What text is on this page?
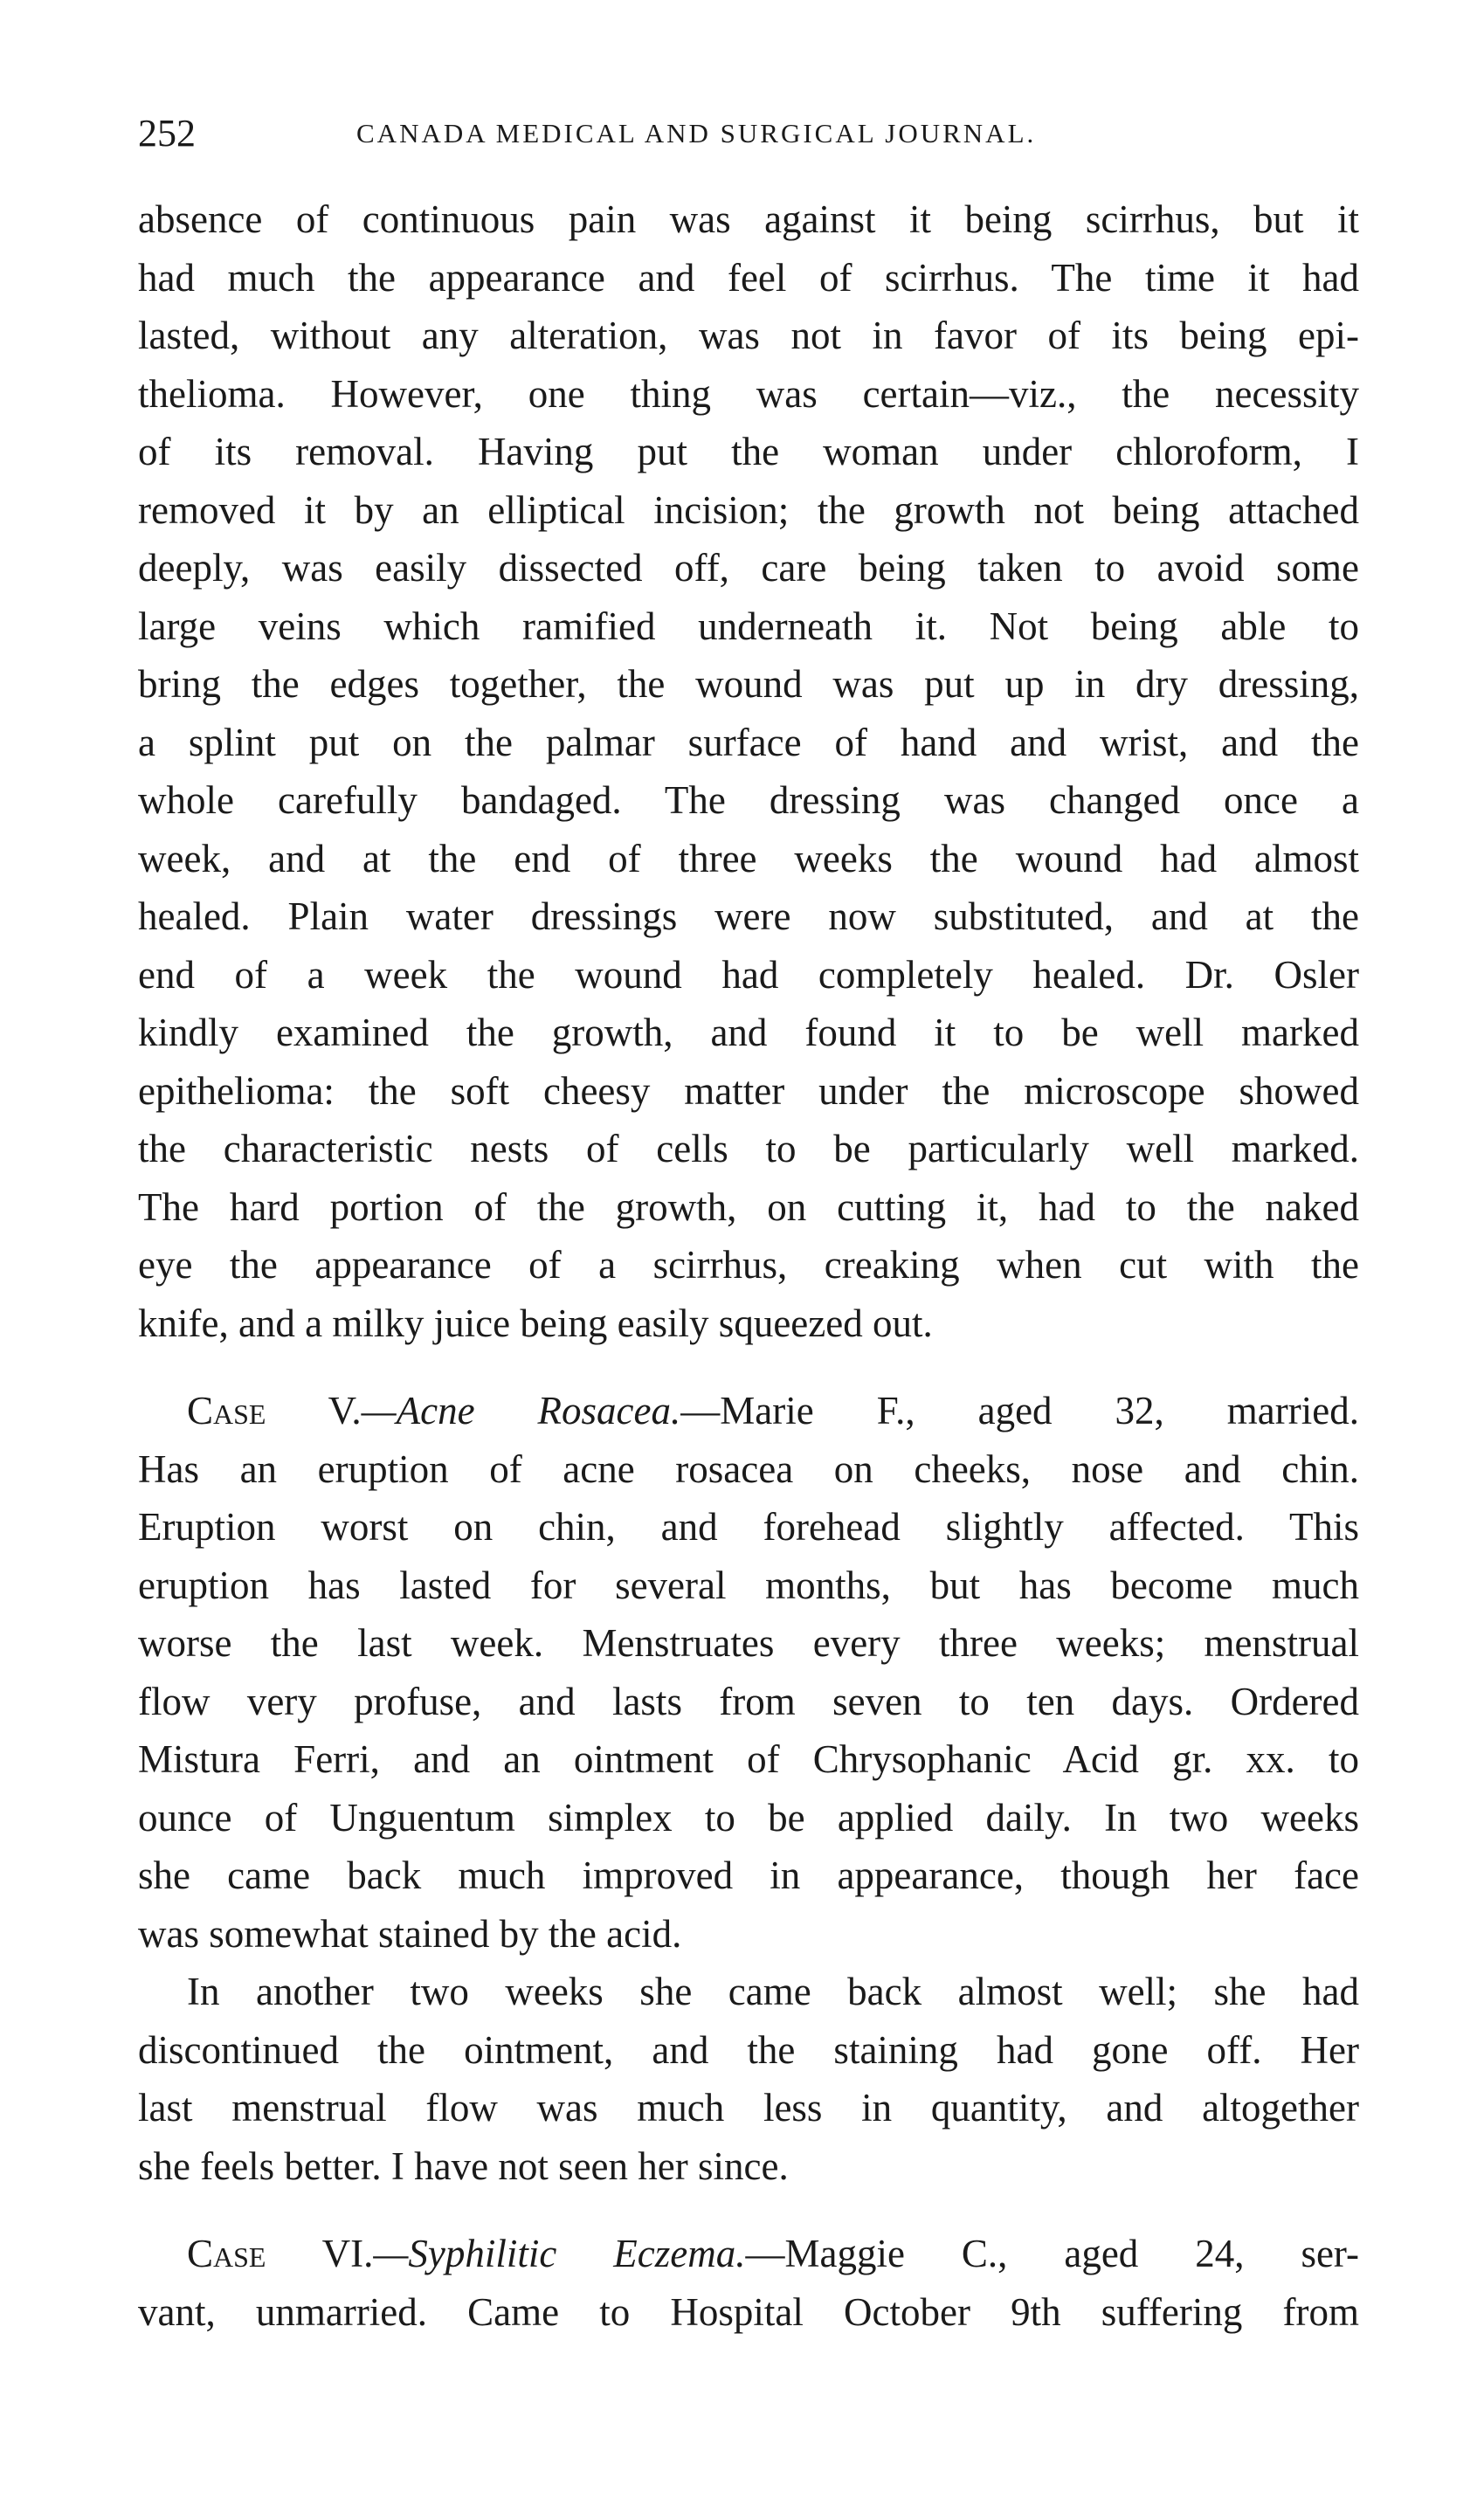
252	CANADA MEDICAL AND SURGICAL JOURNAL.
absence of continuous pain was against it being scirrhus, but it
had much the appearance and feel of scirrhus. The time it had
lasted, without any alteration, was not in favor of its being epi-
thelioma. However, one thing was certain—viz., the necessity
of its removal. Having put the woman under chloroform, I
removed it by an elliptical incision; the growth not being attached
deeply, was easily dissected off, care being taken to avoid some
large veins which ramified underneath it. Not being able to
bring the edges together, the wound was put up in dry dressing,
a splint put on the palmar surface of hand and wrist, and the
whole carefully bandaged. The dressing was changed once a
week, and at the end of three weeks the wound had almost
healed. Plain water dressings were now substituted, and at the
end of a week the wound had completely healed. Dr. Osler
kindly examined the growth, and found it to be well marked
epithelioma: the soft cheesy matter under the microscope showed
the characteristic nests of cells to be particularly well marked.
The hard portion of the growth, on cutting it, had to the naked
eye the appearance of a scirrhus, creaking when cut with the
knife, and a milky juice being easily squeezed out.
Case V.—Acne Rosacea.—Marie F., aged 32, married.
Has an eruption of acne rosacea on cheeks, nose and chin.
Eruption worst on chin, and forehead slightly affected. This
eruption has lasted for several months, but has become much
worse the last week. Menstruates every three weeks; menstrual
flow very profuse, and lasts from seven to ten days. Ordered
Mistura Ferri, and an ointment of Chrysophanic Acid gr. xx. to
ounce of Unguentum simplex to be applied daily. In two weeks
she came back much improved in appearance, though her face
was somewhat stained by the acid.
In another two weeks she came back almost well; she had
discontinued the ointment, and the staining had gone off. Her
last menstrual flow was much less in quantity, and altogether
she feels better. I have not seen her since.
Case VI.—Syphilitic Eczema.—Maggie C., aged 24, ser-
vant, unmarried. Came to Hospital October 9th suffering from
